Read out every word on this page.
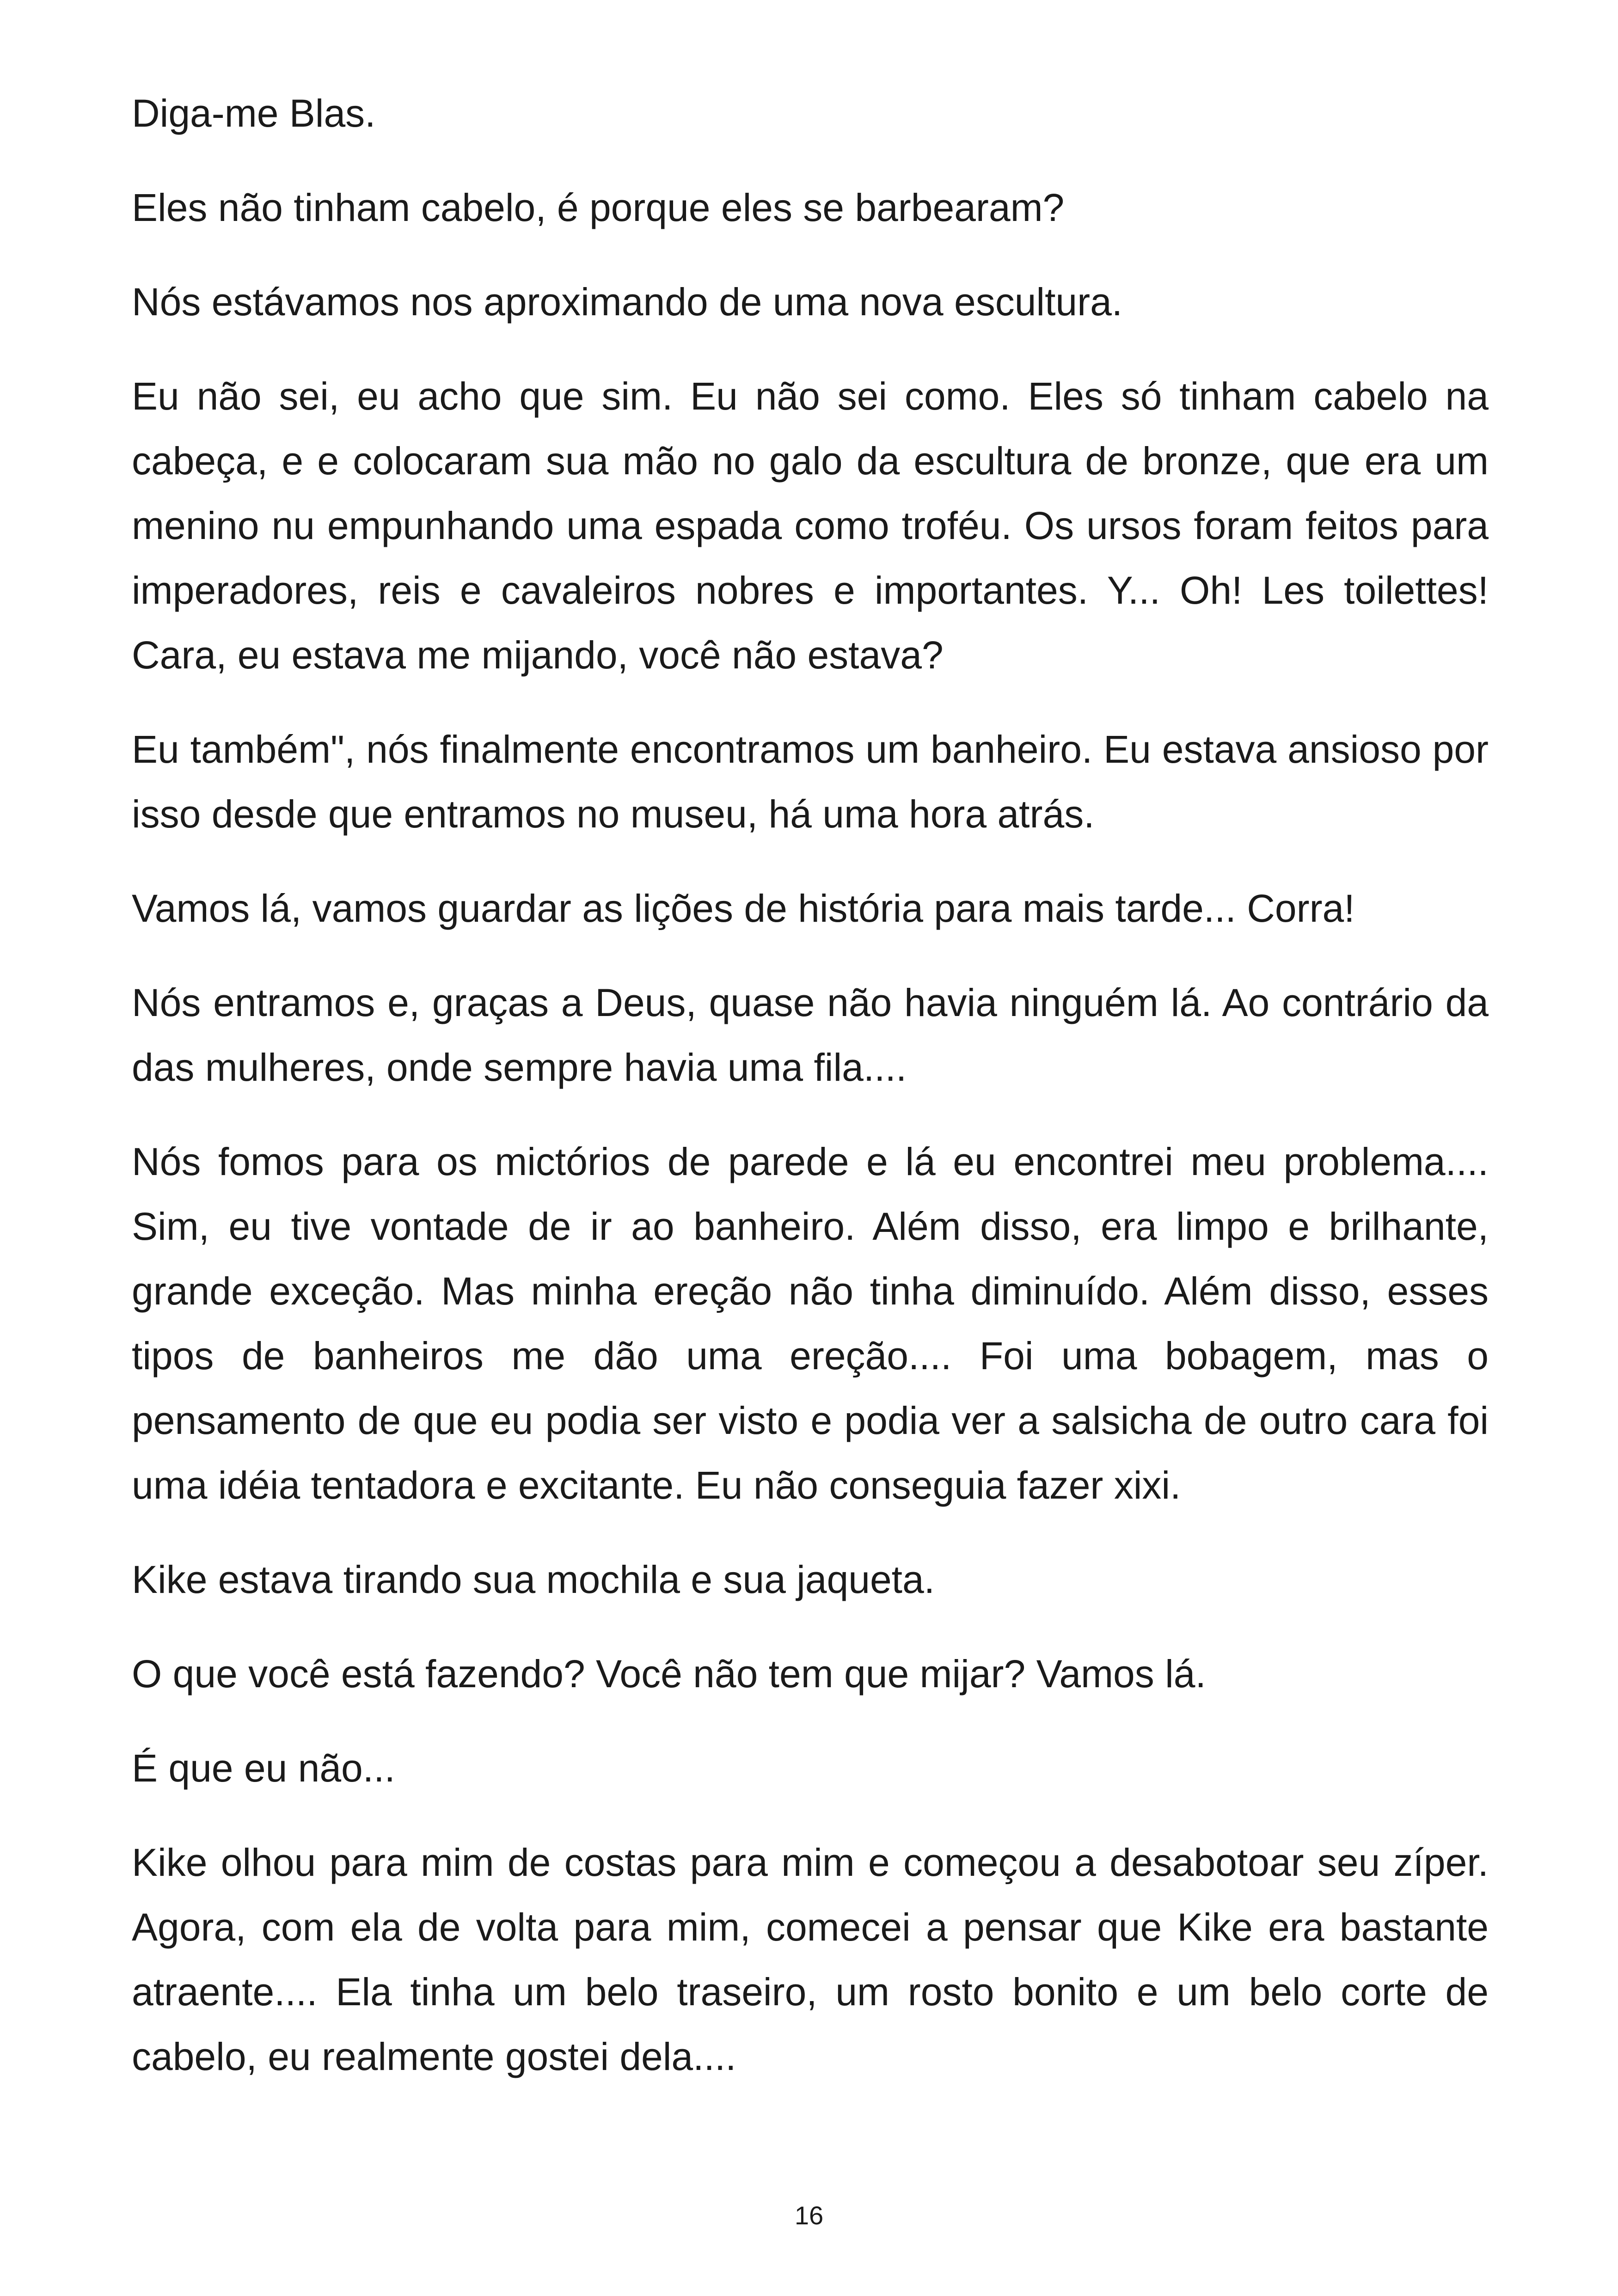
Diga-me Blas.

Eles não tinham cabelo, é porque eles se barbearam?

Nós estávamos nos aproximando de uma nova escultura.

Eu não sei, eu acho que sim. Eu não sei como. Eles só tinham cabelo na cabeça, e e colocaram sua mão no galo da escultura de bronze, que era um menino nu empunhando uma espada como troféu. Os ursos foram feitos para imperadores, reis e cavaleiros nobres e importantes. Y... Oh! Les toilettes! Cara, eu estava me mijando, você não estava?

Eu também", nós finalmente encontramos um banheiro. Eu estava ansioso por isso desde que entramos no museu, há uma hora atrás.

Vamos lá, vamos guardar as lições de história para mais tarde... Corra!

Nós entramos e, graças a Deus, quase não havia ninguém lá. Ao contrário da das mulheres, onde sempre havia uma fila....

Nós fomos para os mictórios de parede e lá eu encontrei meu problema.... Sim, eu tive vontade de ir ao banheiro. Além disso, era limpo e brilhante, grande exceção. Mas minha ereção não tinha diminuído. Além disso, esses tipos de banheiros me dão uma ereção.... Foi uma bobagem, mas o pensamento de que eu podia ser visto e podia ver a salsicha de outro cara foi uma idéia tentadora e excitante. Eu não conseguia fazer xixi.

Kike estava tirando sua mochila e sua jaqueta.

O que você está fazendo? Você não tem que mijar? Vamos lá.

É que eu não...

Kike olhou para mim de costas para mim e começou a desabotoar seu zíper. Agora, com ela de volta para mim, comecei a pensar que Kike era bastante atraente.... Ela tinha um belo traseiro, um rosto bonito e um belo corte de cabelo, eu realmente gostei dela....

16
